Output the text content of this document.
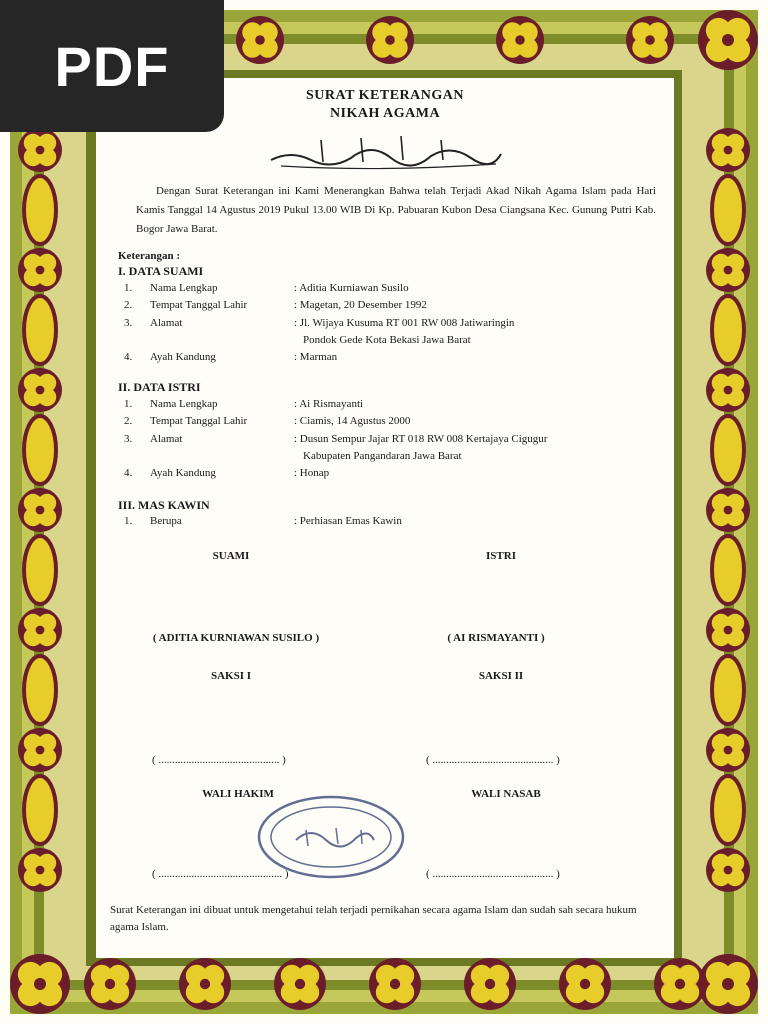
PDF	SURAT KETERANGAN
NIKAH AGAMA
Dengan Surat Keterangan ini Kami Menerangkan Bahwa telah Terjadi Akad Nikah Agama Islam pada Hari Kamis Tanggal 14 Agustus 2019 Pukul 13.00 WIB Di Kp. Pabuaran Kubon Desa Ciangsana Kec. Gunung Putri Kab. Bogor Jawa Barat.
Keterangan :
I. DATA SUAMI
1. Nama Lengkap	: Aditia Kurniawan Susilo
2. Tempat Tanggal Lahir	: Magetan, 20 Desember 1992
3. Alamat	: Jl. Wijaya Kusuma RT 001 RW 008 Jatiwaringin
Pondok Gede Kota Bekasi Jawa Barat
4. Ayah Kandung	: Marman
II. DATA ISTRI
1. Nama Lengkap	: Ai Rismayanti
2. Tempat Tanggal Lahir	: Ciamis, 14 Agustus 2000
3. Alamat	: Dusun Sempur Jajar RT 018 RW 008 Kertajaya Cigugur
Kabupaten Pangandaran Jawa Barat
4. Ayah Kandung	: Honap
III. MAS KAWIN
1. Berupa	: Perhiasan Emas Kawin
SUAMI	ISTRI
( ADITIA KURNIAWAN SUSILO )	( AI RISMAYANTI )
SAKSI I	SAKSI II
( ............................................ )	( ............................................ )
WALI HAKIM	WALI NASAB
( ............................................. )	( ............................................ )
Surat Keterangan ini dibuat untuk mengetahui telah terjadi pernikahan secara agama Islam dan sudah sah secara hukum agama Islam.
